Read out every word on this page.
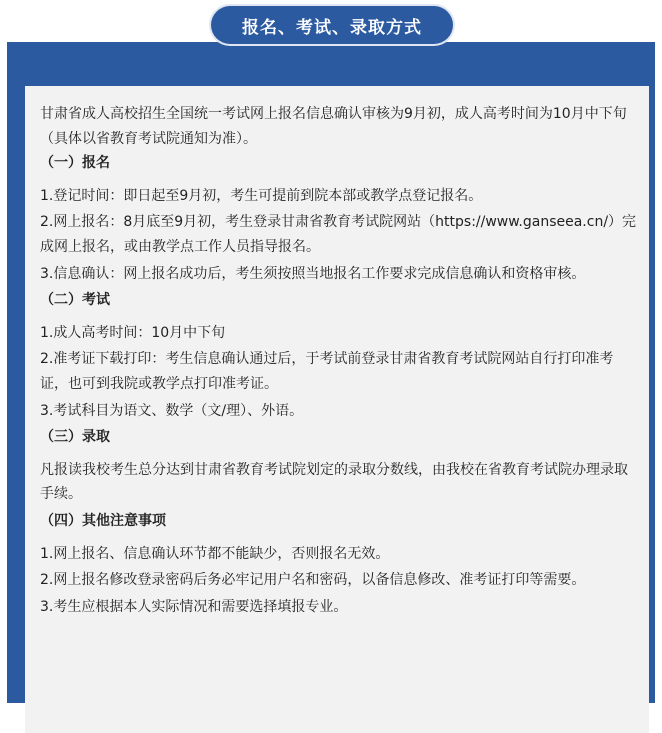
甘肃省成人高校招生全国统一考试网上报名信息确认审核为9月初，成人高考时间为10月中下旬（具体以省教育考试院通知为准）。

（一）报名

1.登记时间：即日起至9月初，考生可提前到院本部或教学点登记报名。

2.网上报名：8月底至9月初，考生登录甘肃省教育考试院网站（https://www.ganseea.cn/）完成网上报名，或由教学点工作人员指导报名。

3.信息确认：网上报名成功后，考生须按照当地报名工作要求完成信息确认和资格审核。

（二）考试

1.成人高考时间：10月中下旬

2.准考证下载打印：考生信息确认通过后，于考试前登录甘肃省教育考试院网站自行打印准考证，也可到我院或教学点打印准考证。

3.考试科目为语文、数学（文/理）、外语。

（三）录取

凡报读我校考生总分达到甘肃省教育考试院划定的录取分数线，由我校在省教育考试院办理录取手续。

（四）其他注意事项

1.网上报名、信息确认环节都不能缺少，否则报名无效。

2.网上报名修改登录密码后务必牢记用户名和密码，以备信息修改、准考证打印等需要。

3.考生应根据本人实际情况和需要选择填报专业。

报名、考试、录取方式
